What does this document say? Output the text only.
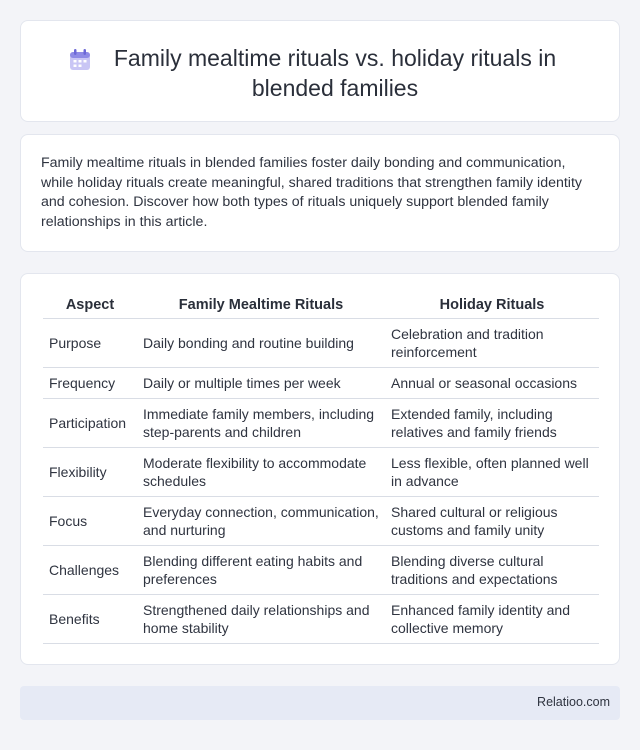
Family mealtime rituals vs. holiday rituals in blended families

Family mealtime rituals in blended families foster daily bonding and communication, while holiday rituals create meaningful, shared traditions that strengthen family identity and cohesion. Discover how both types of rituals uniquely support blended family relationships in this article.

Aspect	Family Mealtime Rituals	Holiday Rituals
Purpose	Daily bonding and routine building	Celebration and tradition reinforcement
Frequency	Daily or multiple times per week	Annual or seasonal occasions
Participation	Immediate family members, including step-parents and children	Extended family, including relatives and family friends
Flexibility	Moderate flexibility to accommodate schedules	Less flexible, often planned well in advance
Focus	Everyday connection, communication, and nurturing	Shared cultural or religious customs and family unity
Challenges	Blending different eating habits and preferences	Blending diverse cultural traditions and expectations
Benefits	Strengthened daily relationships and home stability	Enhanced family identity and collective memory
Relatioo.com
